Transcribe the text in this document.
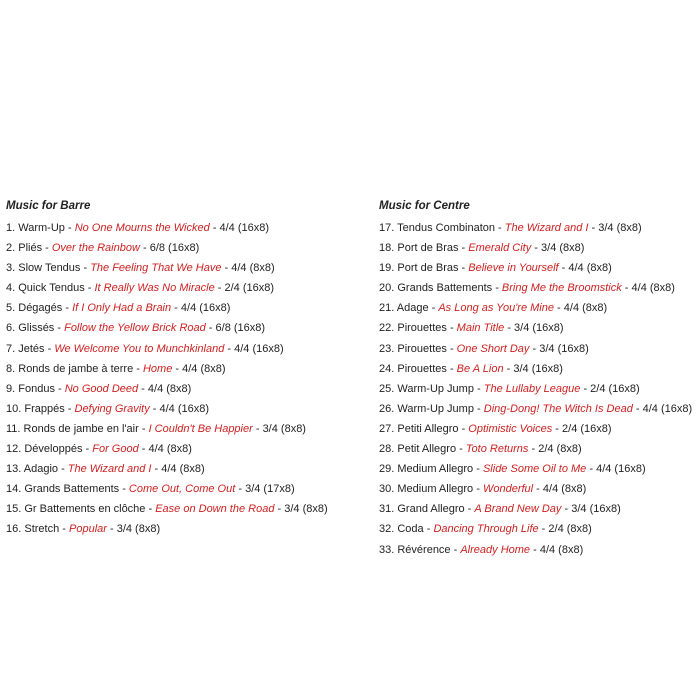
Music for Barre
1. Warm-Up - No One Mourns the Wicked - 4/4 (16x8)
2. Pliés - Over the Rainbow - 6/8 (16x8)
3. Slow Tendus - The Feeling That We Have - 4/4 (8x8)
4. Quick Tendus - It Really Was No Miracle - 2/4 (16x8)
5. Dégagés - If I Only Had a Brain - 4/4 (16x8)
6. Glissés - Follow the Yellow Brick Road - 6/8 (16x8)
7. Jetés - We Welcome You to Munchkinland - 4/4 (16x8)
8. Ronds de jambe à terre - Home - 4/4 (8x8)
9. Fondus - No Good Deed - 4/4 (8x8)
10. Frappés - Defying Gravity - 4/4 (16x8)
11. Ronds de jambe en l'air - I Couldn't Be Happier - 3/4 (8x8)
12. Développés - For Good - 4/4 (8x8)
13. Adagio - The Wizard and I - 4/4 (8x8)
14. Grands Battements - Come Out, Come Out - 3/4 (17x8)
15. Gr Battements en clôche - Ease on Down the Road - 3/4 (8x8)
16. Stretch - Popular - 3/4 (8x8)
Music for Centre
17. Tendus Combinaton - The Wizard and I - 3/4 (8x8)
18. Port de Bras - Emerald City - 3/4 (8x8)
19. Port de Bras - Believe in Yourself - 4/4 (8x8)
20. Grands Battements - Bring Me the Broomstick - 4/4 (8x8)
21. Adage - As Long as You're Mine - 4/4 (8x8)
22. Pirouettes - Main Title - 3/4 (16x8)
23. Pirouettes - One Short Day - 3/4 (16x8)
24. Pirouettes - Be A Lion - 3/4 (16x8)
25. Warm-Up Jump - The Lullaby League - 2/4 (16x8)
26. Warm-Up Jump - Ding-Dong! The Witch Is Dead - 4/4 (16x8)
27. Petiti Allegro - Optimistic Voices - 2/4 (16x8)
28. Petit Allegro - Toto Returns - 2/4 (8x8)
29. Medium Allegro - Slide Some Oil to Me - 4/4 (16x8)
30. Medium Allegro - Wonderful - 4/4 (8x8)
31. Grand Allegro - A Brand New Day - 3/4 (16x8)
32. Coda - Dancing Through Life - 2/4 (8x8)
33. Révérence - Already Home - 4/4 (8x8)
